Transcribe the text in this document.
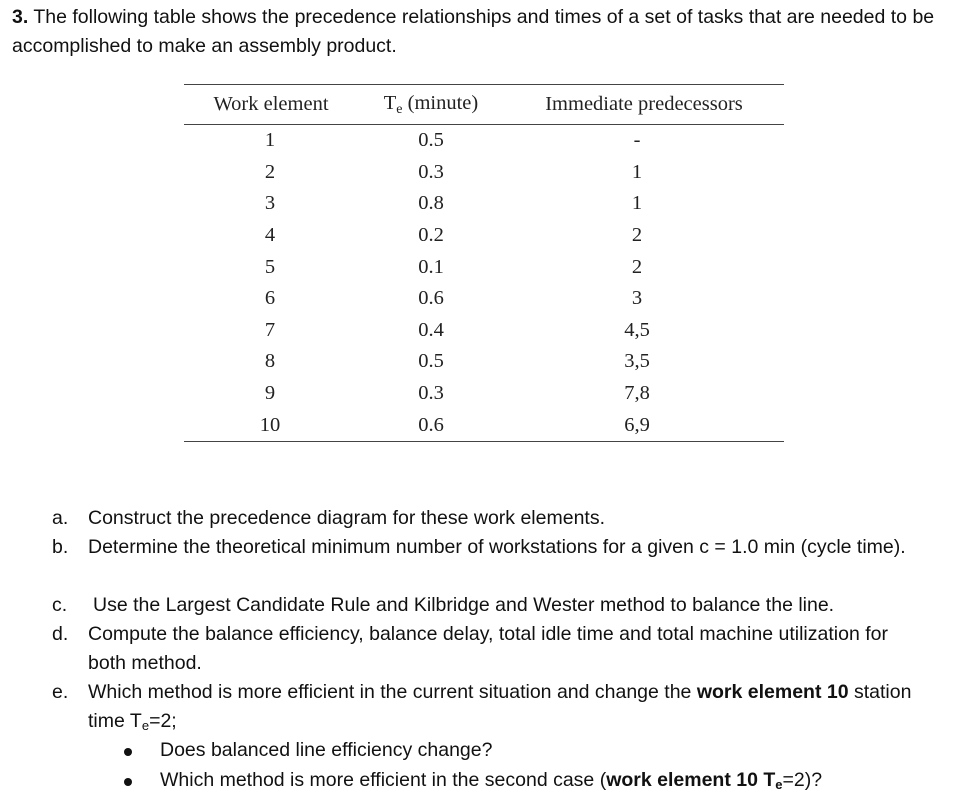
3. The following table shows the precedence relationships and times of a set of tasks that are needed to be
accomplished to make an assembly product.
Work element	Te (minute)	Immediate predecessors
1	0.5	-
2	0.3	1
3	0.8	1
4	0.2	2
5	0.1	2
6	0.6	3
7	0.4	4,5
8	0.5	3,5
9	0.3	7,8
10	0.6	6,9
a. Construct the precedence diagram for these work elements.
b. Determine the theoretical minimum number of workstations for a given c = 1.0 min (cycle time).
c. Use the Largest Candidate Rule and Kilbridge and Wester method to balance the line.
d. Compute the balance efficiency, balance delay, total idle time and total machine utilization for
both method.
e. Which method is more efficient in the current situation and change the work element 10 station
time Te=2;
Does balanced line efficiency change?
Which method is more efficient in the second case (work element 10 Te=2)?
